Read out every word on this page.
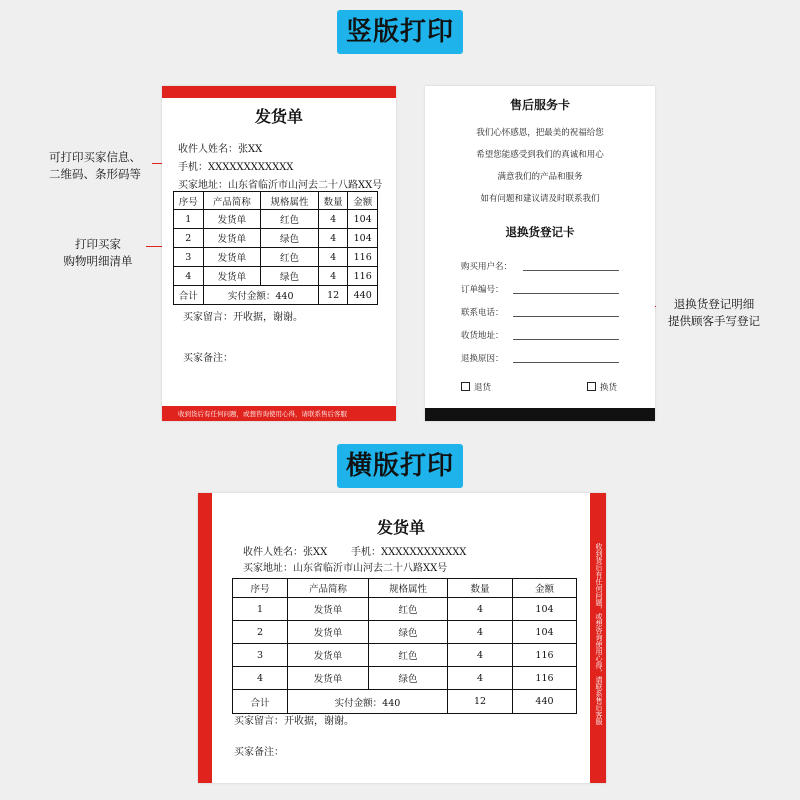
竖版打印
横版打印
可打印买家信息、
二维码、条形码等
打印买家
购物明细清单
退换货登记明细
提供顾客手写登记
发货单
收件人姓名：张XX
手机：XXXXXXXXXXXX
买家地址：山东省临沂市山河去二十八路XX号
序号	产品简称	规格属性	数量	金额
1	发货单	红色	4	104
2	发货单	绿色	4	104
3	发货单	红色	4	116
4	发货单	绿色	4	116
合计	实付金额：440		12	440
买家留言：开收据，谢谢。
买家备注：
收到货后有任何问题，或想咨询使用心得，请联系售后客服
售后服务卡
我们心怀感恩，把最美的祝福给您
希望您能感受到我们的真诚和用心
满意我们的产品和服务
如有问题和建议请及时联系我们
退换货登记卡
购买用户名：
订单编号：
联系电话：
收货地址：
退换原因：
退货	换货
收到货后有任何问题，或想咨询使用心得，请联系售后客服
发货单
收件人姓名：张XX 手机：XXXXXXXXXXXX
买家地址：山东省临沂市山河去二十八路XX号
序号	产品简称	规格属性	数量	金额
1	发货单	红色	4	104
2	发货单	绿色	4	104
3	发货单	红色	4	116
4	发货单	绿色	4	116
合计	实付金额：440		12	440
买家留言：开收据，谢谢。
买家备注：
